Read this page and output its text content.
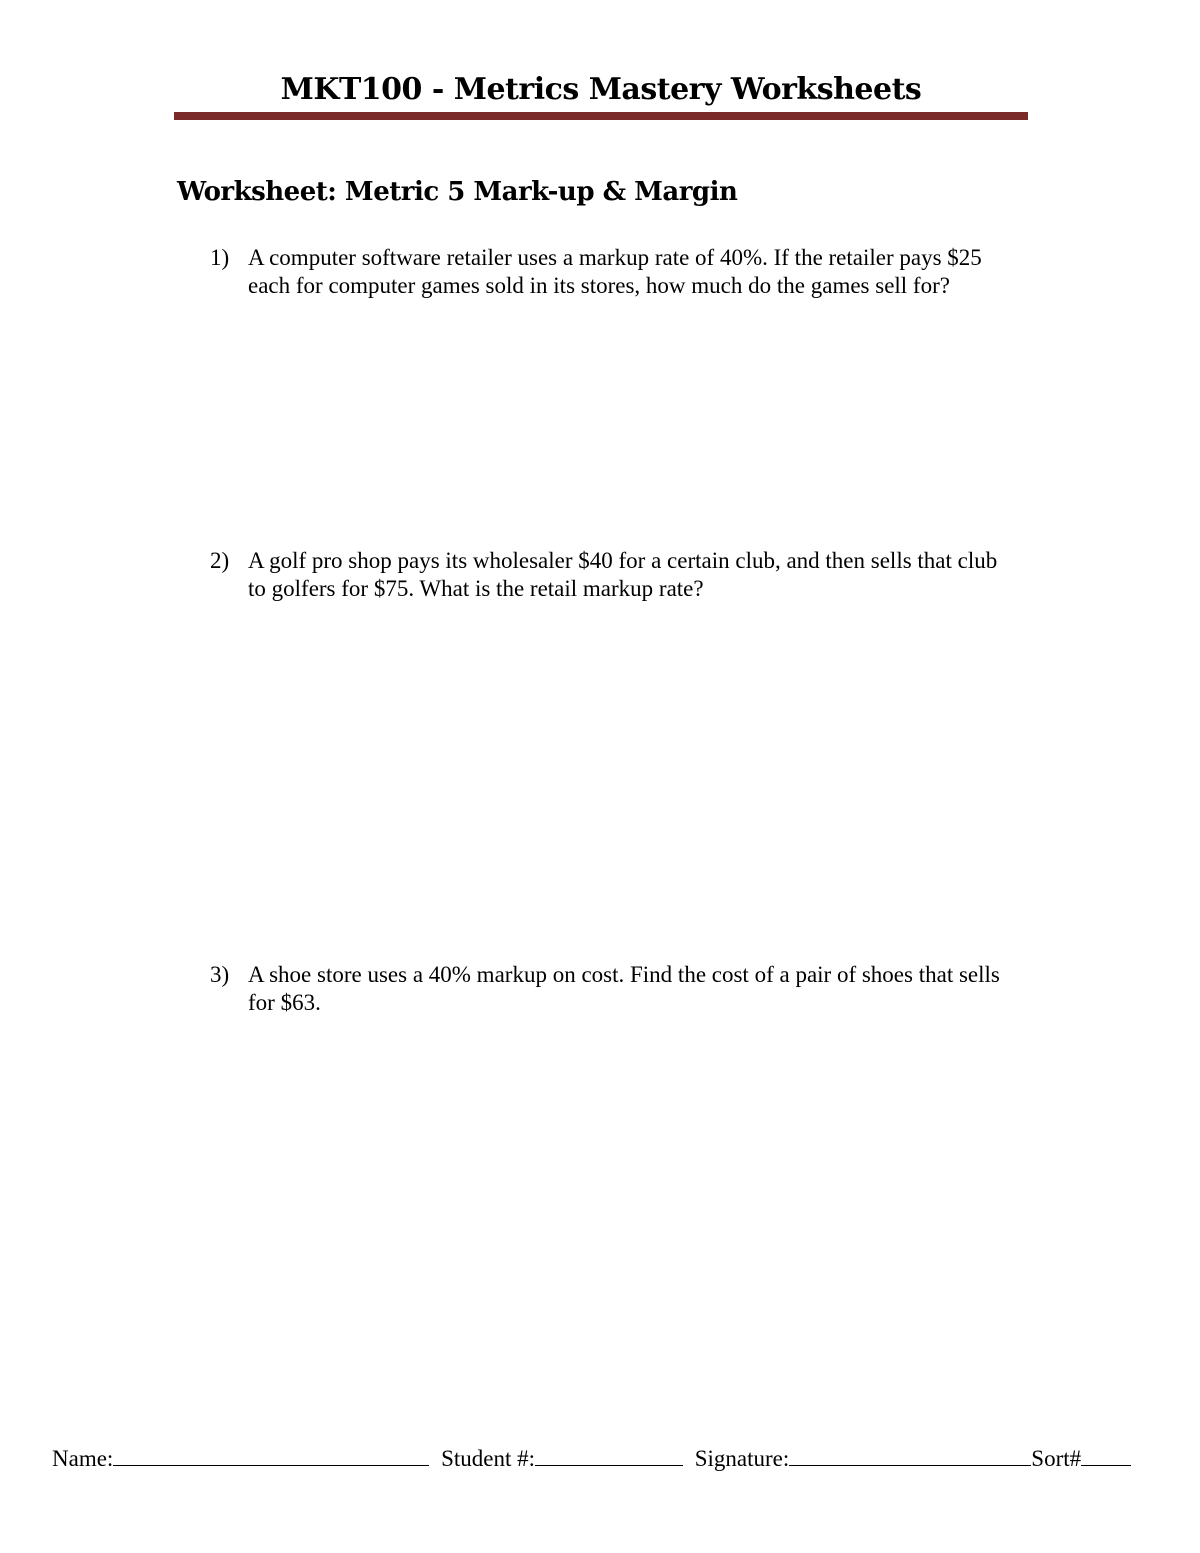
MKT100 - Metrics Mastery Worksheets
Worksheet: Metric 5 Mark-up & Margin
1) A computer software retailer uses a markup rate of 40%. If the retailer pays $25 each for computer games sold in its stores, how much do the games sell for?
2) A golf pro shop pays its wholesaler $40 for a certain club, and then sells that club to golfers for $75. What is the retail markup rate?
3) A shoe store uses a 40% markup on cost. Find the cost of a pair of shoes that sells for $63.
Name:	Student #:	Signature:	Sort#
